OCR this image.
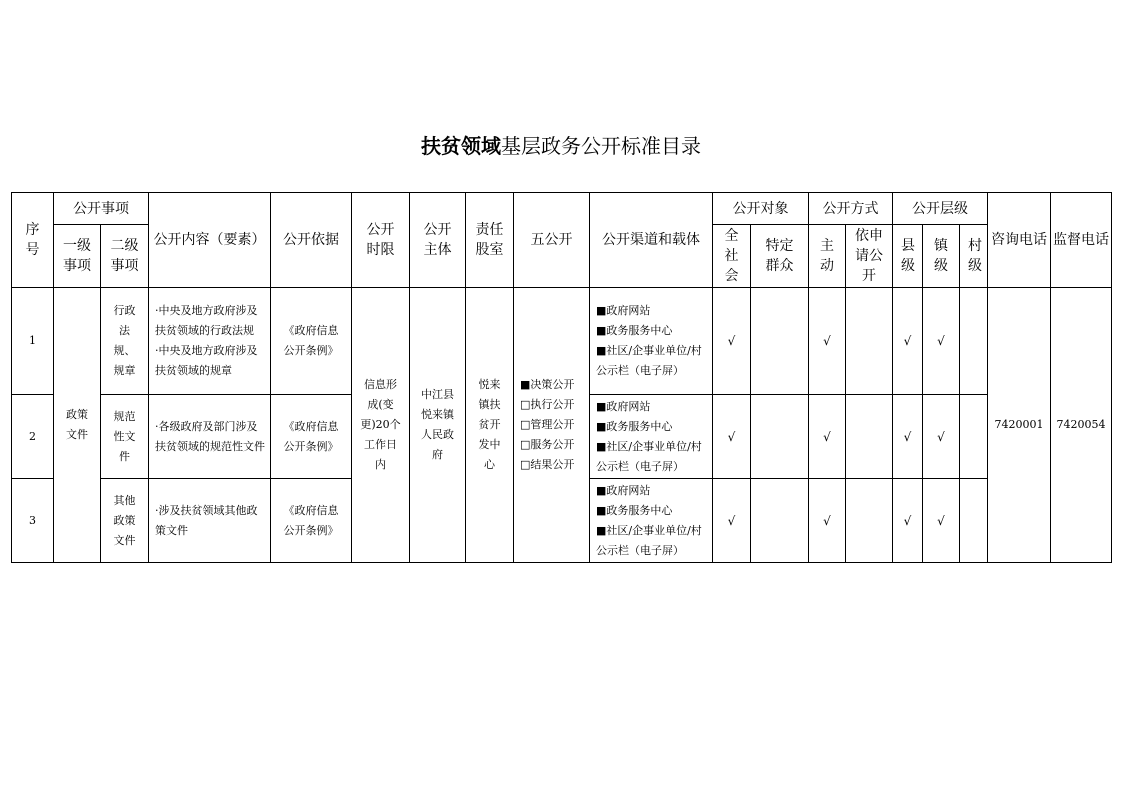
扶贫领域基层政务公开标准目录
序号	公开事项		公开内容（要素）	公开依据	公开时限	公开主体	责任股室	五公开	公开渠道和载体	公开对象		公开方式		公开层级			咨询电话	监督电话
	一级事项	二级事项								全社会	特定群众	主动	依申请公开	县级	镇级	村级		
1	政策文件	行政法规、规章	·中央及地方政府涉及扶贫领域的行政法规
·中央及地方政府涉及扶贫领域的规章	《政府信息公开条例》	信息形成(变更)20个工作日内	中江县悦来镇人民政府	悦来镇扶贫开发中心	■决策公开
□执行公开
□管理公开
□服务公开
□结果公开	■政府网站
■政务服务中心
■社区/企事业单位/村公示栏（电子屏）	√		√		√	√		7420001	7420054
2		规范性文件	·各级政府及部门涉及扶贫领域的规范性文件	《政府信息公开条例》					■政府网站
■政务服务中心
■社区/企事业单位/村公示栏（电子屏）	√		√		√	√			
3		其他政策文件	·涉及扶贫领域其他政策文件	《政府信息公开条例》					■政府网站
■政务服务中心
■社区/企事业单位/村公示栏（电子屏）	√		√		√	√			
